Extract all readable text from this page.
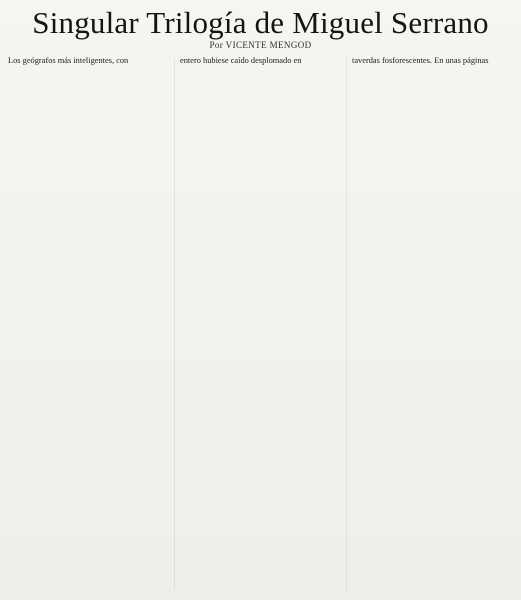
Singular Trilogía de Miguel Serrano
Por VICENTE MENGOD

Los geógrafos más inteligentes, con	entero hubiese caído desplomado en	taverdas fosforescentes. En unas páginas
